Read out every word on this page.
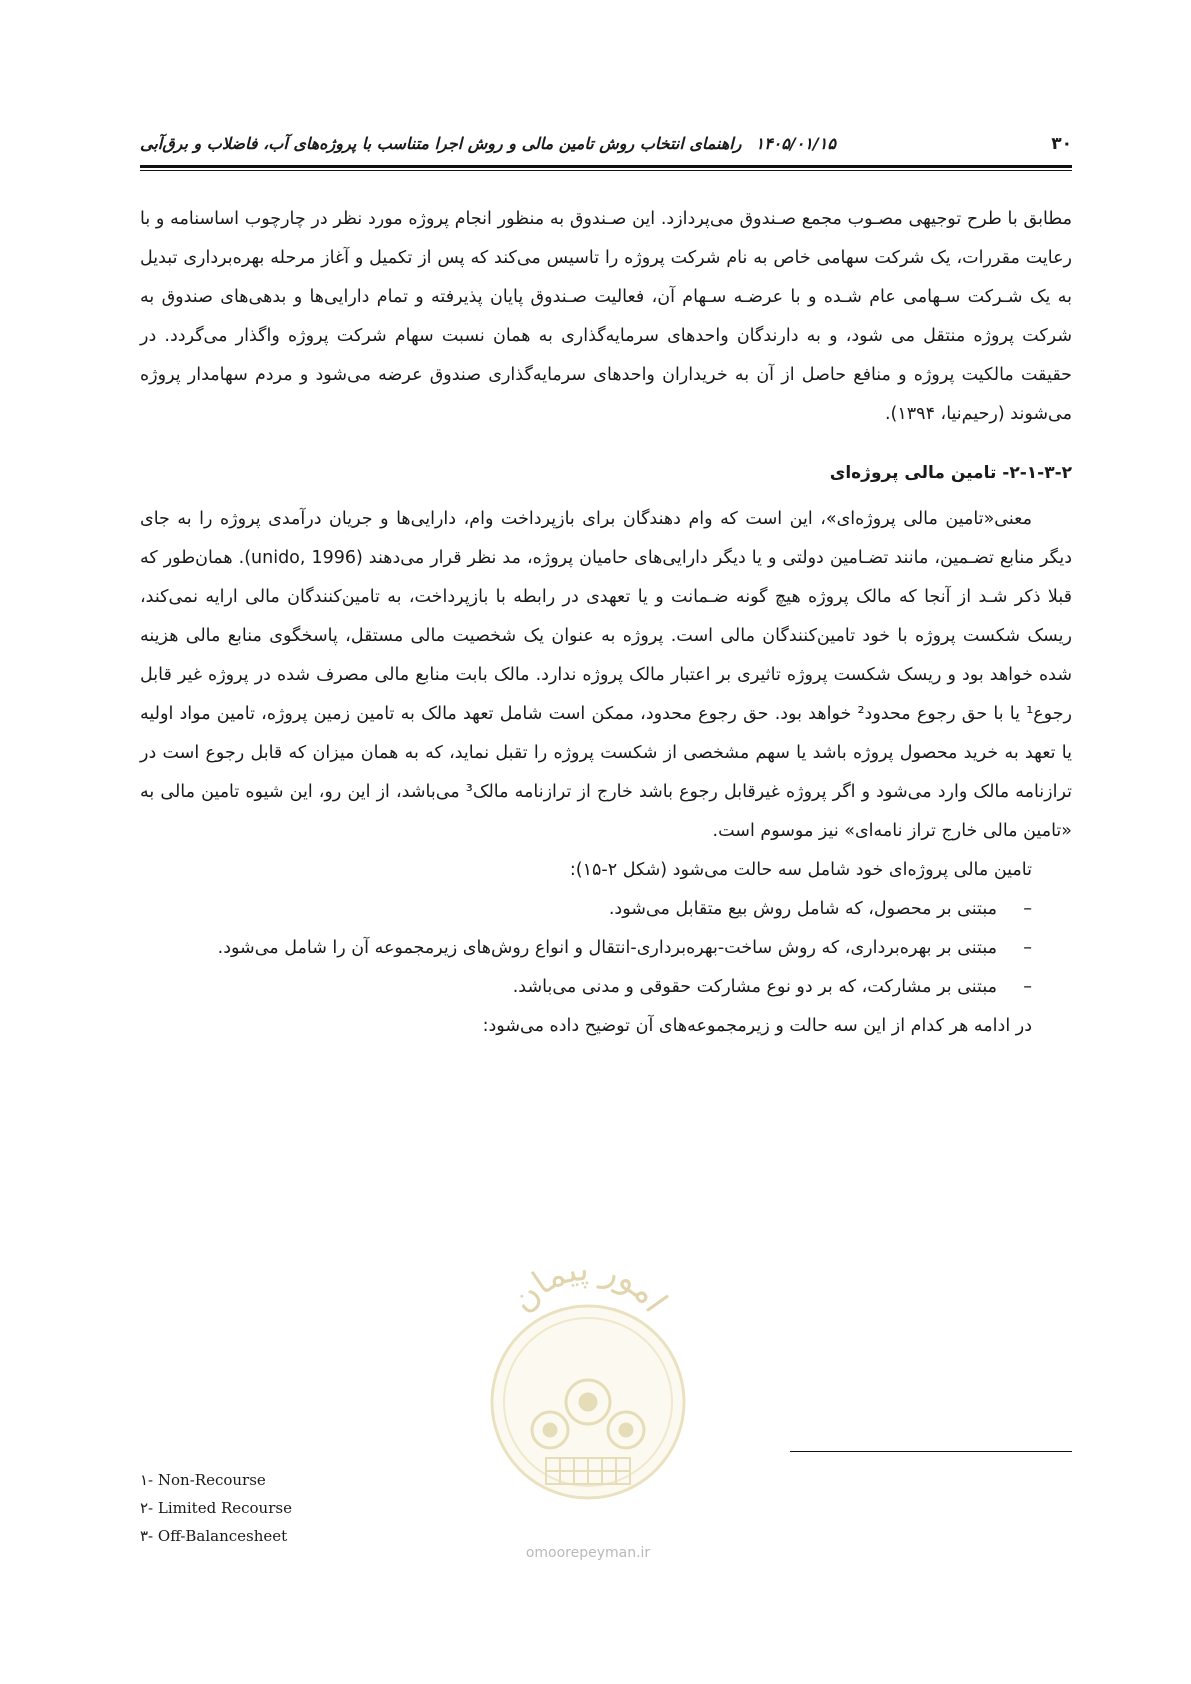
۳۰
۱۴۰۵/۰۱/۱۵راهنمای انتخاب روش تامین مالی و روش اجرا متناسب با پروژه‌های آب، فاضلاب و برق‌آبی

مطابق با طرح توجیهی مصـوب مجمع صـندوق می‌پردازد. این صـندوق به منظور انجام پروژه مورد نظر در چارچوب اساسنامه و با رعایت مقررات، یک شرکت سهامی خاص به نام شرکت پروژه را تاسیس می‌کند که پس از تکمیل و آغاز مرحله بهره‌برداری تبدیل به یک شـرکت سـهامی عام شـده و با عرضـه سـهام آن، فعالیت صـندوق پایان پذیرفته و تمام دارایی‌ها و بدهی‌های صندوق به شرکت پروژه منتقل می شود، و به دارندگان واحدهای سرمایه‌گذاری به همان نسبت سهام شرکت پروژه واگذار می‌گردد. در حقیقت مالکیت پروژه و منافع حاصل از آن به خریداران واحدهای سرمایه‌گذاری صندوق عرضه می‌شود و مردم سهامدار پروژه می‌شوند (رحیم‌نیا، ۱۳۹۴).

۲-۱-۳-۲- تامین مالی پروژه‌ای

معنی«تامین مالی پروژه‌ای»، این است که وام دهندگان برای بازپرداخت وام، دارایی‌ها و جریان درآمدی پروژه را به جای دیگر منابع تضـمین، مانند تضـامین دولتی و یا دیگر دارایی‌های حامیان پروژه، مد نظر قرار می‌دهند (unido, 1996). همان‌طور که قبلا ذکر شـد از آنجا که مالک پروژه هیچ گونه ضـمانت و یا تعهدی در رابطه با بازپرداخت، به تامین‌کنندگان مالی ارایه نمی‌کند، ریسک شکست پروژه با خود تامین‌کنندگان مالی است. پروژه به عنوان یک شخصیت مالی مستقل، پاسخگوی منابع مالی هزینه شده خواهد بود و ریسک شکست پروژه تاثیری بر اعتبار مالک پروژه ندارد. مالک بابت منابع مالی مصرف شده در پروژه غیر قابل رجوع¹ یا با حق رجوع محدود² خواهد بود. حق رجوع محدود، ممکن است شامل تعهد مالک به تامین زمین پروژه، تامین مواد اولیه یا تعهد به خرید محصول پروژه باشد یا سهم مشخصی از شکست پروژه را تقبل نماید، که به همان میزان که قابل رجوع است در ترازنامه مالک وارد می‌شود و اگر پروژه غیرقابل رجوع باشد خارج از ترازنامه مالک³ می‌باشد، از این رو، این شیوه تامین مالی به «تامین مالی خارج تراز نامه‌ای» نیز موسوم است.

تامین مالی پروژه‌ای خود شامل سه حالت می‌شود (شکل ۲-۱۵):

–
مبتنی بر محصول، که شامل روش بیع متقابل می‌شود.
–
مبتنی بر بهره‌برداری، که روش ساخت-بهره‌برداری-انتقال و انواع روش‌های زیرمجموعه آن را شامل می‌شود.
–
مبتنی بر مشارکت، که بر دو نوع مشارکت حقوقی و مدنی می‌باشد.

در ادامه هر کدام از این سه حالت و زیرمجموعه‌های آن توضیح داده می‌شود:

امور پیمان
omoorepeyman.ir
۱- Non-Recourse
۲- Limited Recourse
۳- Off-Balancesheet
